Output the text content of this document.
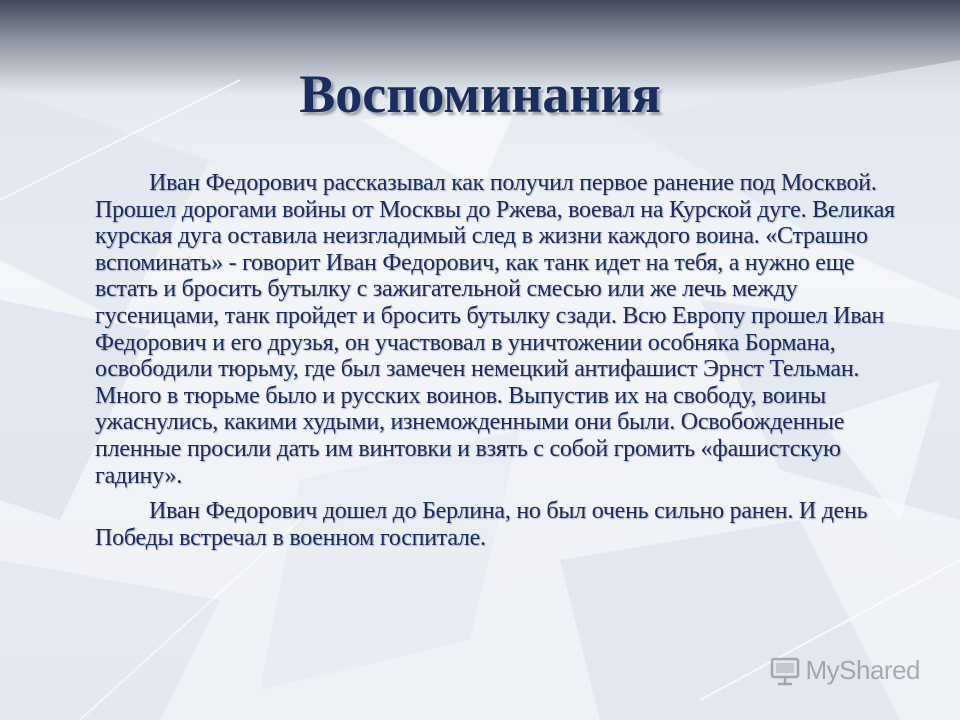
Воспоминания

Иван Федорович рассказывал как получил первое ранение под Москвой. Прошел дорогами войны от Москвы до Ржева, воевал на Курской дуге. Великая курская дуга оставила неизгладимый след в жизни каждого воина. «Страшно вспоминать» - говорит Иван Федорович, как танк идет на тебя, а нужно еще встать и бросить бутылку с зажигательной смесью или же лечь между гусеницами, танк пройдет и бросить бутылку сзади. Всю Европу прошел Иван Федорович и его друзья, он участвовал в уничтожении особняка Бормана, освободили тюрьму, где был замечен немецкий антифашист Эрнст Тельман. Много в тюрьме было и русских воинов. Выпустив их на свободу, воины ужаснулись, какими худыми, изнеможденными они были. Освобожденные пленные просили дать им винтовки и взять с собой громить «фашистскую гадину».

Иван Федорович дошел до Берлина, но был очень сильно ранен. И день Победы встречал в военном госпитале.

MyShared
